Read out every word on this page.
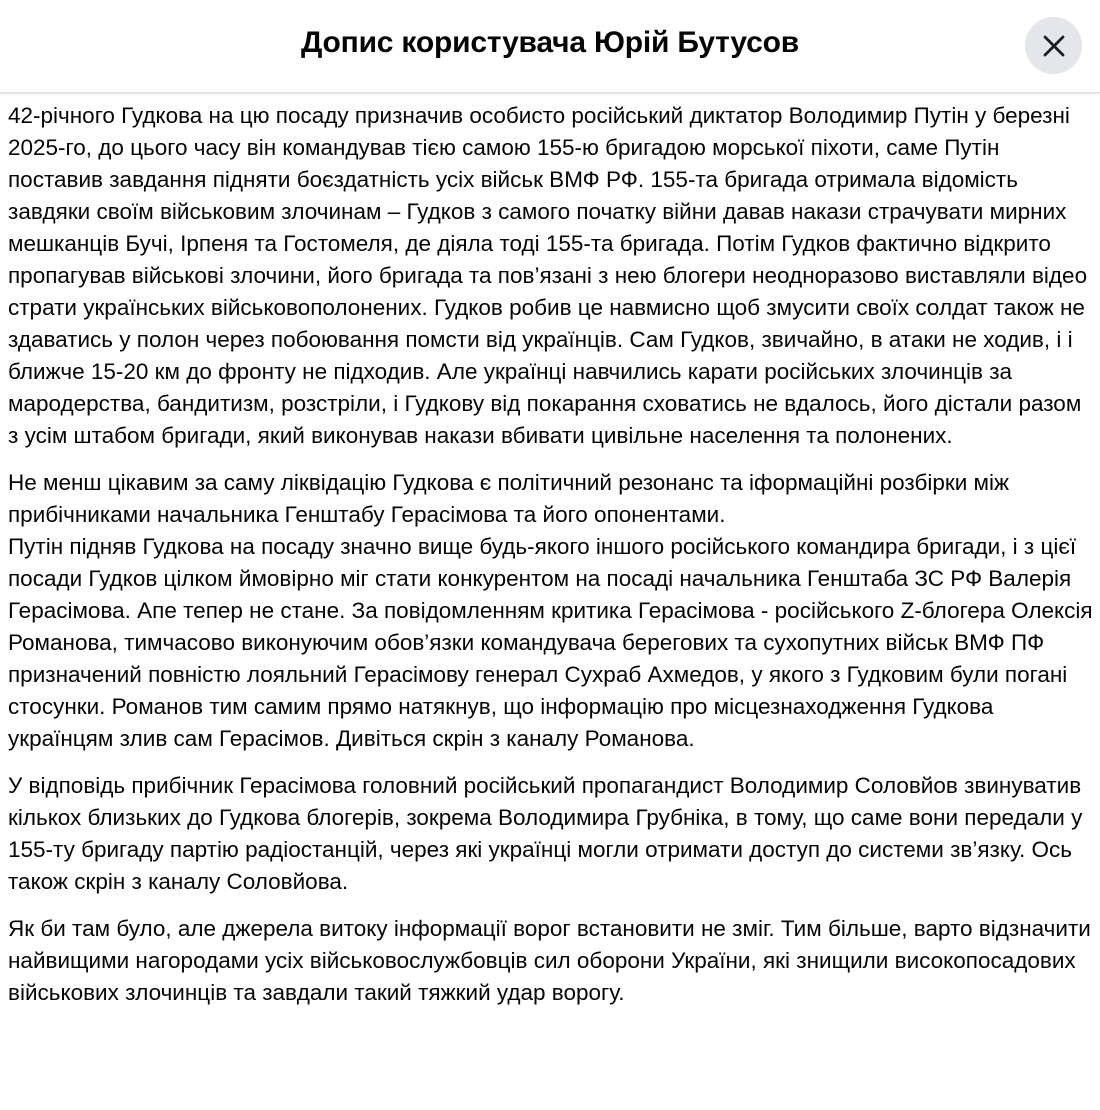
Допис користувача Юрій Бутусов

42-річного Гудкова на цю посаду призначив особисто російський диктатор Володимир Путін у березні 2025-го, до цього часу він командував тією самою 155-ю бригадою морської піхоти, саме Путін поставив завдання підняти боєздатність усіх військ ВМФ РФ. 155-та бригада отримала відомість завдяки своїм військовим злочинам – Гудков з самого початку війни давав накази страчувати мирних мешканців Бучі, Ірпеня та Гостомеля, де діяла тоді 155-та бригада. Потім Гудков фактично відкрито пропагував військові злочини, його бригада та пов’язані з нею блогери неодноразово виставляли відео страти українських військовополонених. Гудков робив це навмисно щоб змусити своїх солдат також не здаватись у полон через побоювання помсти від українців. Сам Гудков, звичайно, в атаки не ходив, і і ближче 15-20 км до фронту не підходив. Але українці навчились карати російських злочинців за мародерства, бандитизм, розстріли, і Гудкову від покарання сховатись не вдалось, його дістали разом з усім штабом бригади, який виконував накази вбивати цивільне населення та полонених.

Не менш цікавим за саму ліквідацію Гудкова є політичний резонанс та іформаційні розбірки між прибічниками начальника Генштабу Герасімова та його опонентами.
Путін підняв Гудкова на посаду значно вище будь-якого іншого російського командира бригади, і з цієї посади Гудков цілком ймовірно міг стати конкурентом на посаді начальника Генштаба ЗС РФ Валерія Герасімова. Апе тепер не стане. За повідомленням критика Герасімова - російського Z-блогера Олексія Романова, тимчасово виконуючим обов’язки командувача берегових та сухопутних військ ВМФ ПФ призначений повністю лояльний Герасімову генерал Сухраб Ахмедов, у якого з Гудковим були погані стосунки. Романов тим самим прямо натякнув, що інформацію про місцезнаходження Гудкова українцям злив сам Герасімов. Дивіться скрін з каналу Романова.

У відповідь прибічник Герасімова головний російський пропагандист Володимир Соловйов звинуватив кількох близьких до Гудкова блогерів, зокрема Володимира Грубніка, в тому, що саме вони передали у 155-ту бригаду партію радіостанцій, через які українці могли отримати доступ до системи зв’язку. Ось також скрін з каналу Соловйова.

Як би там було, але джерела витоку інформації ворог встановити не зміг. Тим більше, варто відзначити найвищими нагородами усіх військовослужбовців сил оборони України, які знищили високопосадових військових злочинців та завдали такий тяжкий удар ворогу.
